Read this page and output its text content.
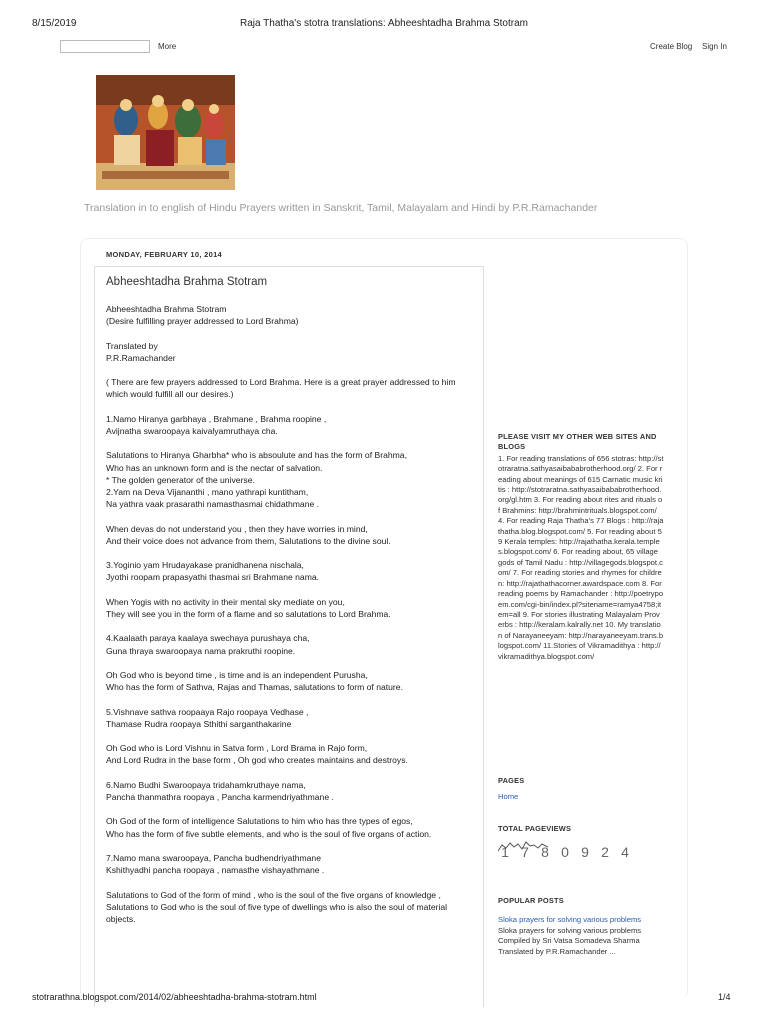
8/15/2019	Raja Thatha's stotra translations: Abheeshtadha Brahma Stotram
More	Create Blog Sign In
Translation in to english of Hindu Prayers written in Sanskrit, Tamil, Malayalam and Hindi by P.R.Ramachander
MONDAY, FEBRUARY 10, 2014
Abheeshtadha Brahma Stotram

Abheeshtadha Brahma Stotram
(Desire fulfilling prayer addressed to Lord Brahma)

Translated by
P.R.Ramachander

( There are few prayers addressed to Lord Brahma. Here is a great prayer addressed to him which would fulfill all our desires.)

1.Namo Hiranya garbhaya , Brahmane , Brahma roopine ,
Avijnatha swaroopaya kaivalyamruthaya cha.

Salutations to Hiranya Gharbha* who is absoulute and has the form of Brahma,
Who has an unknown form and is the nectar of salvation.
* The golden generator of the universe.
2.Yam na Deva Vijananthi , mano yathrapi kuntitham,
Na yathra vaak prasarathi namasthasmai chidathmane .

When devas do not understand you , then they have worries in mind,
And their voice does not advance from them, Salutations to the divine soul.

3.Yoginio yam Hrudayakase pranidhanena nischala,
Jyothi roopam prapasyathi thasmai sri Brahmane nama.

When Yogis with no activity in their mental sky mediate on you,
They will see you in the form of a flame and so salutations to Lord Brahma.

4.Kaalaath paraya kaalaya swechaya purushaya cha,
Guna thraya swaroopaya nama prakruthi roopine.

Oh God who is beyond time , is time and is an independent Purusha,
Who has the form of Sathva, Rajas and Thamas, salutations to form of nature.

5.Vishnave sathva roopaaya Rajo roopaya Vedhase ,
Thamase Rudra roopaya Sthithi sarganthakarine

Oh God who is Lord Vishnu in Satva form , Lord Brama in Rajo form,
And Lord Rudra in the base form , Oh god who creates maintains and destroys.

6.Namo Budhi Swaroopaya tridahamkruthaye nama,
Pancha thanmathra roopaya , Pancha karmendriyathmane .

Oh God of the form of intelligence Salutations to him who has thre types of egos,
Who has the form of five subtle elements, and who is the soul of five organs of action.

7.Namo mana swaroopaya, Pancha budhendriyathmane
Kshithyadhi pancha roopaya , namasthe vishayathmane .

Salutations to God of the form of mind , who is the soul of the five organs of knowledge ,
Salutations to God who is the soul of five type of dwellings who is also the soul of material objects.

PLEASE VISIT MY OTHER WEB SITES AND BLOGS
1. For reading translations of 656 stotras: http://stotraratna.sathyasaibababrotherhood.org/ 2. For reading about meanings of 615 Carnatic music kritis : http://stotraratna.sathyasaibababrotherhood.org/gl.htm 3. For reading about rites and rituals of Brahmins: http://brahmintrituals.blogspot.com/ 4. For reading Raja Thatha's 77 Blogs : http://rajathatha.blog.blogspot.com/ 5. For reading about 59 Kerala temples: http://rajathatha.kerala.temples.blogspot.com/ 6. For reading about, 65 village gods of Tamil Nadu : http://villagegods.blogspot.com/ 7. For reading stories and rhymes for children: http://rajathathacorner.awardspace.com 8. For reading poems by Ramachander : http://poetrypoem.com/cgi-bin/index.pl?sitename=ramya4758;item=all 9. For stories illustrating Malayalam Proverbs : http://keralam.kalrally.net 10. My translation of Narayaneeyam: http://narayaneeyam.trans.blogspot.com/ 11.Stories of Vikramadithya : http://vikramadithya.blogspot.com/
PAGES
Home
TOTAL PAGEVIEWS
1 7 8 0 9 2 4
POPULAR POSTS
Sloka prayers for solving various problems
Sloka prayers for solving various problems Compiled by Sri Vatsa Somadeva Sharma Translated by P.R.Ramachander ...
stotrarathna.blogspot.com/2014/02/abheeshtadha-brahma-stotram.html	1/4
